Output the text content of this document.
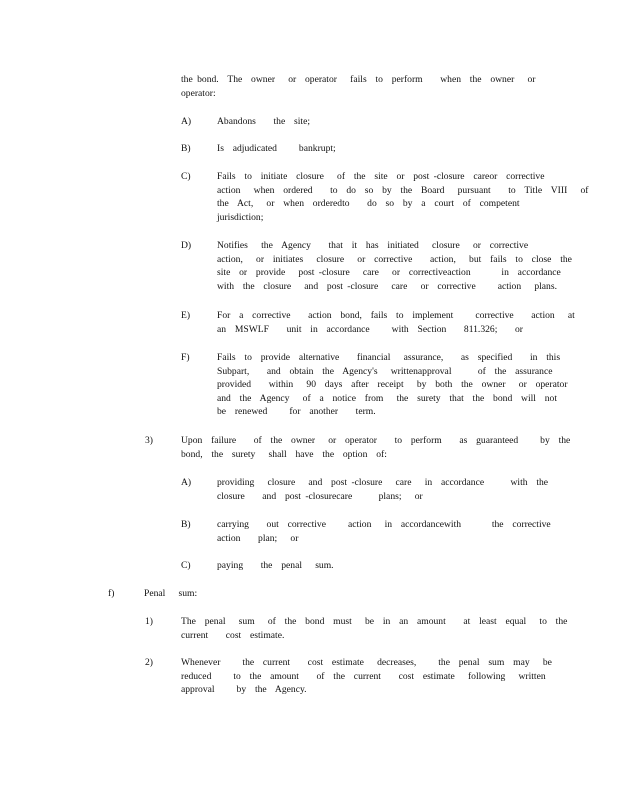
the bond.  The  owner   or  operator   fails  to  perform    when  the  owner   or
operator:
A)	Abandons    the  site;
B)	Is  adjudicated     bankrupt;
C)	Fails  to  initiate  closure   of  the  site  or  post -closure  careor  corrective
action   when  ordered    to  do  so  by  the  Board   pursuant    to  Title  VIII   of
the  Act,   or  when  orderedto    do  so  by  a  court  of  competent
jurisdiction;
D)	Notifies   the  Agency    that  it  has  initiated   closure   or  corrective
action,   or  initiates   closure   or  corrective    action,   but  fails  to  close  the
site  or  provide   post -closure   care   or  correctiveaction       in  accordance
with  the  closure   and  post -closure   care   or  corrective     action   plans.
E)	For  a  corrective    action  bond,  fails  to  implement     corrective    action   at
an  MSWLF    unit  in  accordance     with  Section    811.326;    or
F)	Fails  to  provide  alternative    financial   assurance,    as  specified    in  this
Subpart,    and  obtain  the  Agency's   writtenapproval      of  the  assurance
provided    within   90  days  after  receipt   by  both  the  owner   or  operator
and  the  Agency   of  a  notice  from   the  surety  that  the  bond  will  not
be  renewed     for  another    term.
3)	Upon  failure    of  the  owner   or  operator    to  perform    as  guaranteed     by  the
bond,  the  surety   shall  have  the  option  of:
A)	providing   closure   and  post -closure   care   in  accordance      with  the
closure    and  post -closurecare      plans;   or
B)	carrying    out  corrective     action   in  accordancewith       the  corrective
action    plan;   or
C)	paying    the  penal   sum.
f)	Penal   sum:
1)	The  penal   sum   of  the  bond  must   be  in  an  amount    at  least  equal   to  the
current    cost  estimate.
2)	Whenever     the  current    cost  estimate   decreases,     the  penal  sum  may   be
reduced     to  the  amount    of  the  current    cost  estimate   following   written
approval     by  the  Agency.
